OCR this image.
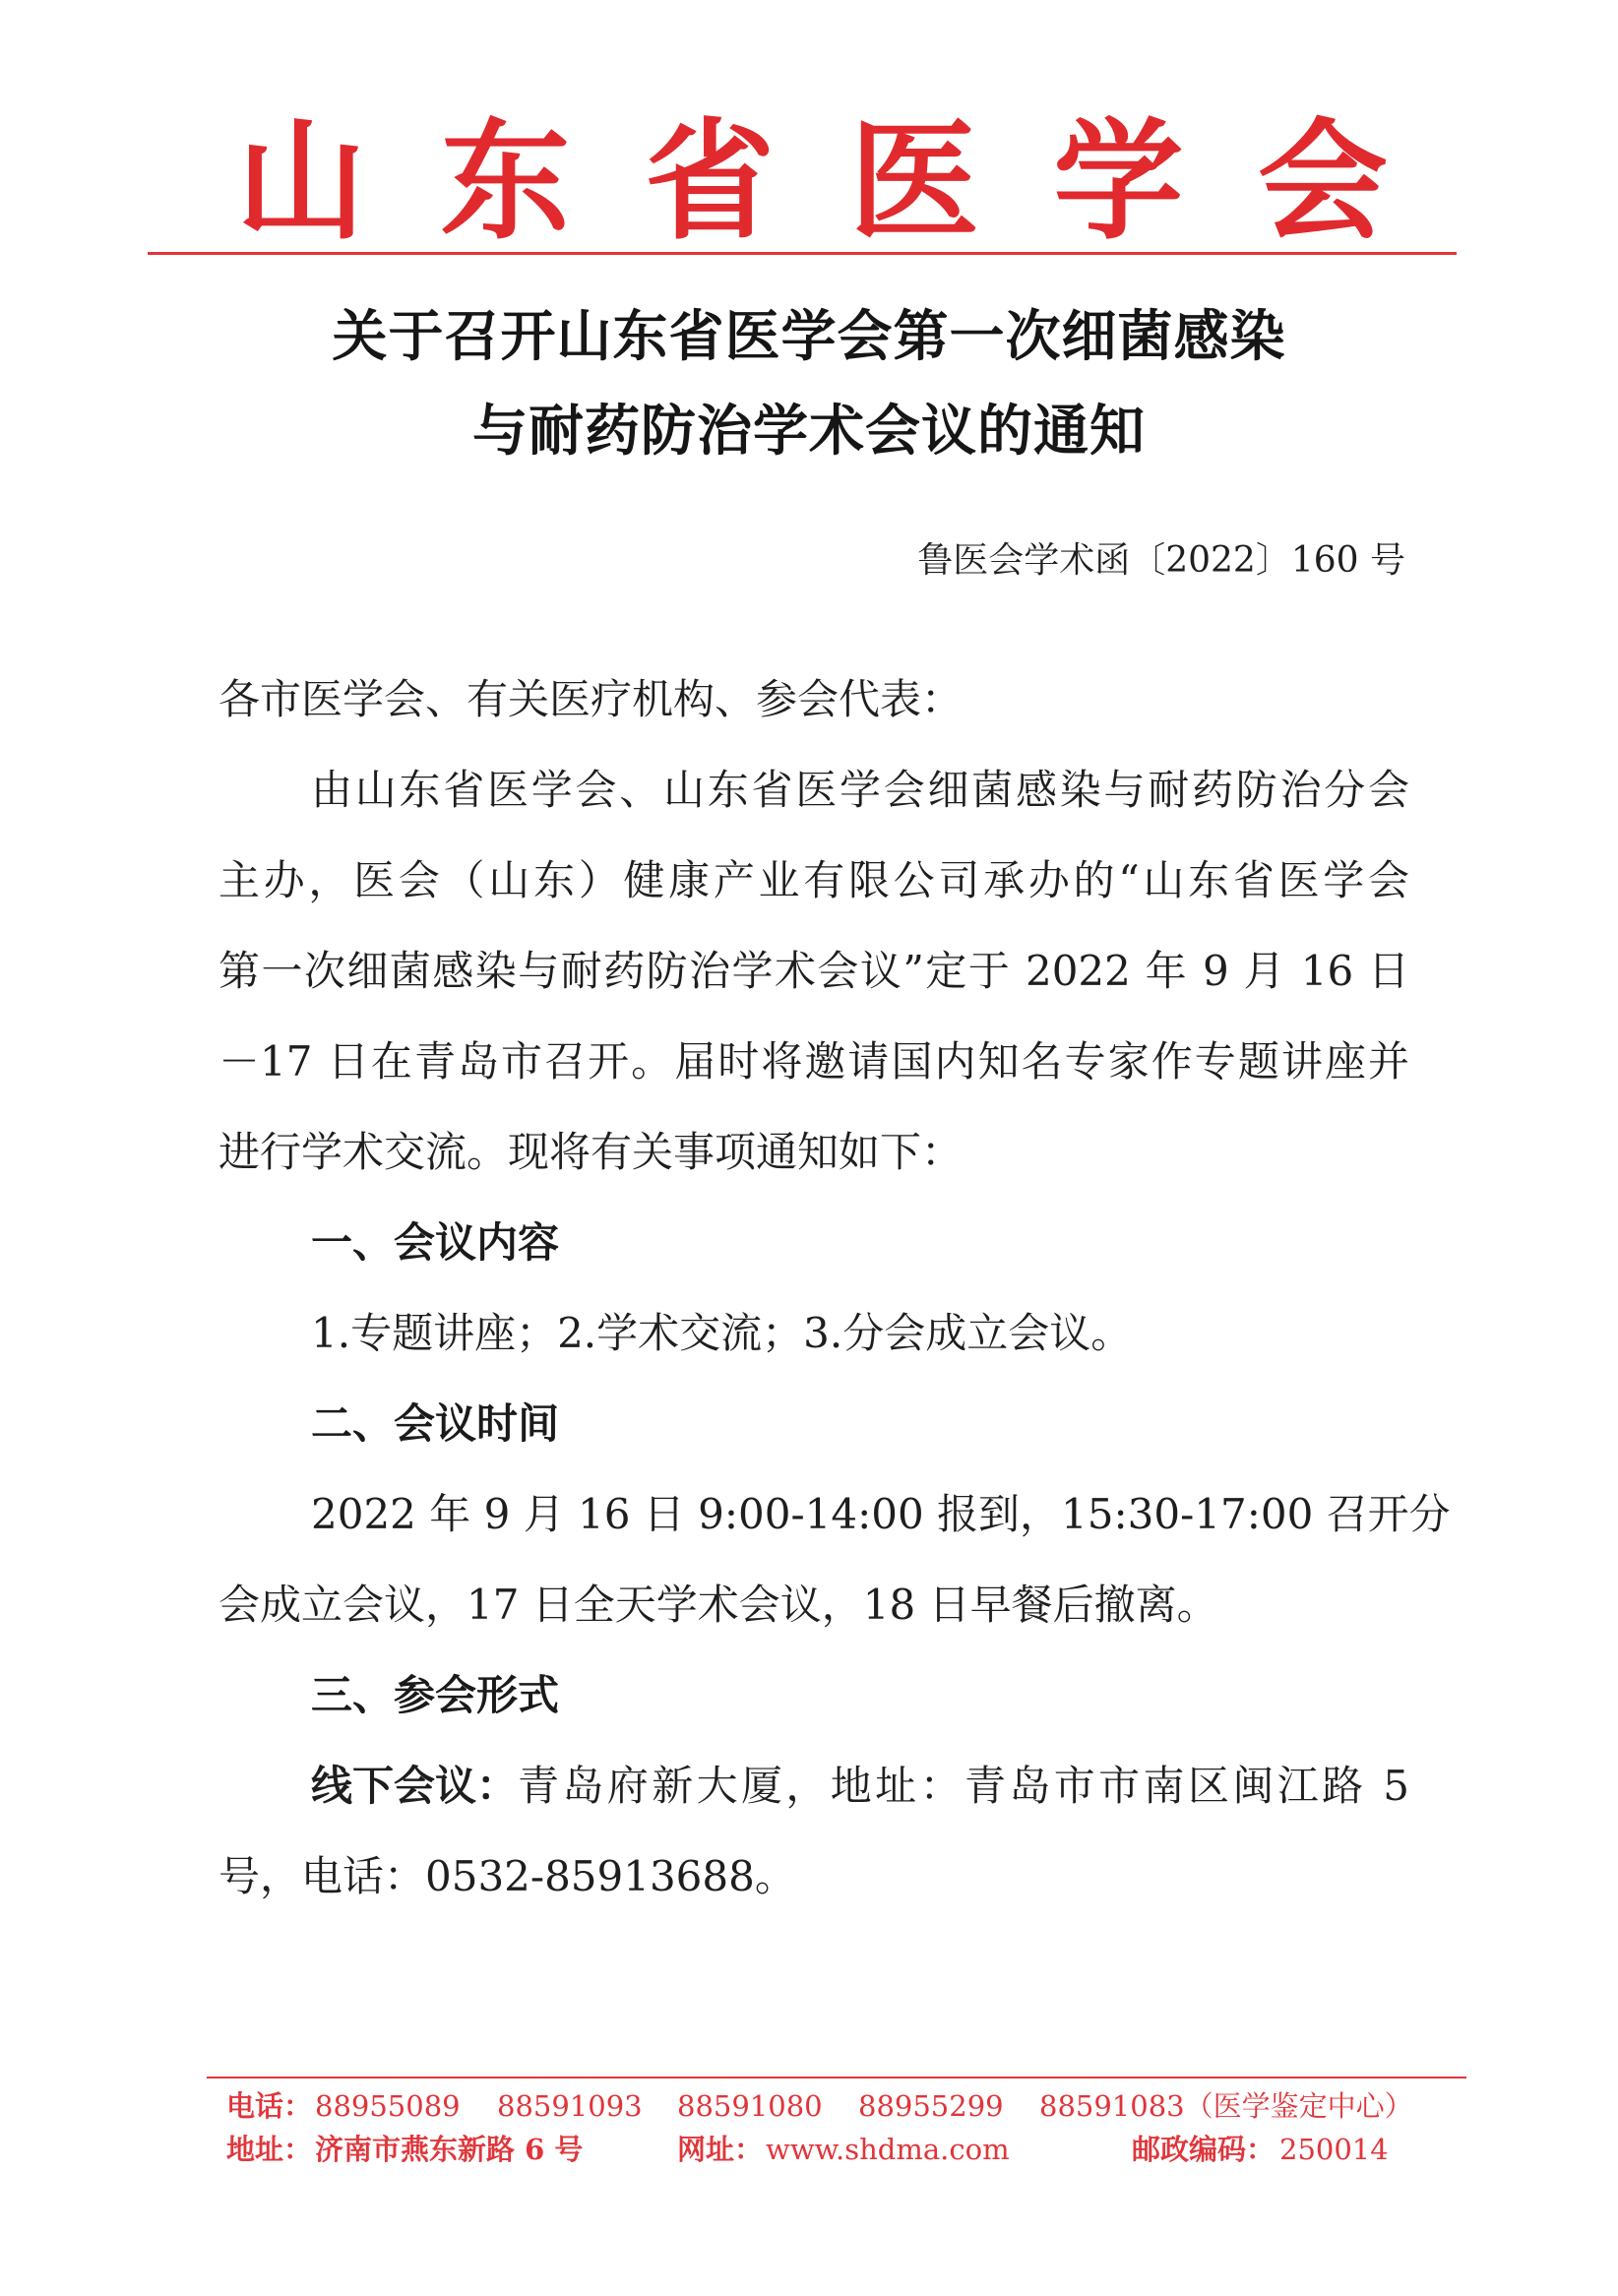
山 东 省 医 学 会
关于召开山东省医学会第一次细菌感染
与耐药防治学术会议的通知
鲁医会学术函〔2022〕160 号
各市医学会、有关医疗机构、参会代表：
由山东省医学会、山东省医学会细菌感染与耐药防治分会
主办，医会（山东）健康产业有限公司承办的“山东省医学会
第一次细菌感染与耐药防治学术会议”定于 2022 年 9 月 16 日
－17 日在青岛市召开。届时将邀请国内知名专家作专题讲座并
进行学术交流。现将有关事项通知如下：
一、会议内容
1.专题讲座；2.学术交流；3.分会成立会议。
二、会议时间
2022 年 9 月 16 日 9:00-14:00 报到，15:30-17:00 召开分
会成立会议，17 日全天学术会议，18 日早餐后撤离。
三、参会形式
线下会议： 青岛府新大厦，地址：青岛市市南区闽江路 5
号，电话：0532-85913688。
电话： 88955089 88591093 88591080 88955299 88591083（医学鉴定中心）
地址： 济南市燕东新路 6 号	网址： www.shdma.com	邮政编码： 250014
